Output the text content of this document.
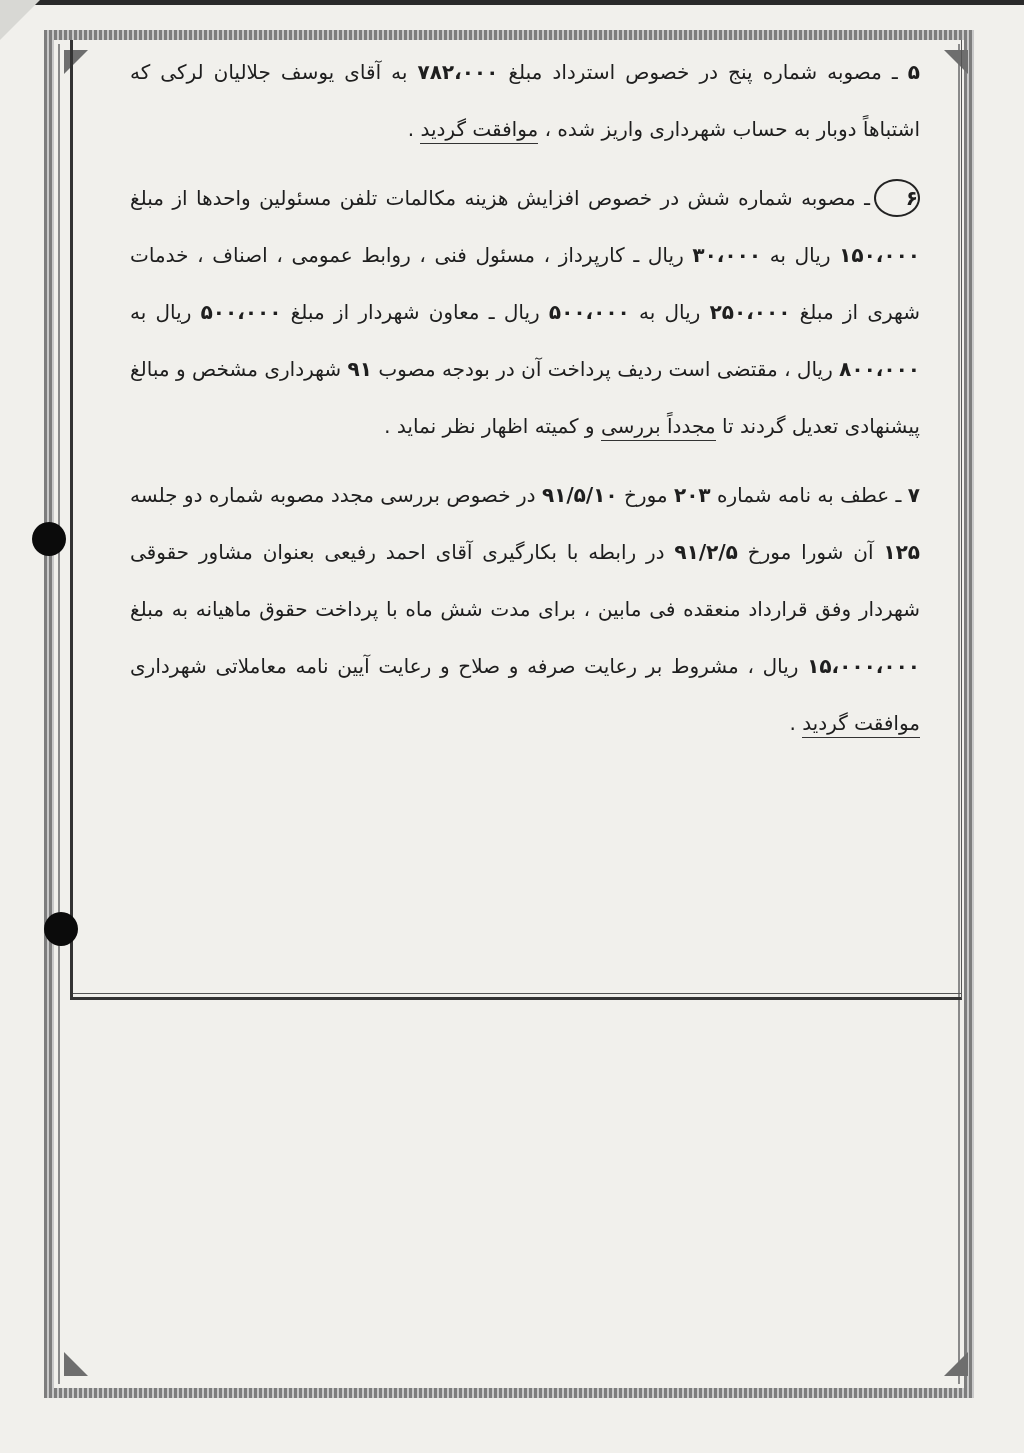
۵ ـ مصوبه شماره پنج در خصوص استرداد مبلغ ۷۸۲،۰۰۰ به آقای یوسف جلالیان لرکی که اشتباهاً دوبار به حساب شهرداری واریز شده ، موافقت گردید .

۶ـ مصوبه شماره شش در خصوص افزایش هزینه مکالمات تلفن مسئولین واحدها از مبلغ ۱۵۰،۰۰۰ ریال به ۳۰،۰۰۰ ریال ـ کارپرداز ، مسئول فنی ، روابط عمومی ، اصناف ، خدمات شهری از مبلغ ۲۵۰،۰۰۰ ریال به ۵۰۰،۰۰۰ ریال ـ معاون شهردار از مبلغ ۵۰۰،۰۰۰ ریال به ۸۰۰،۰۰۰ ریال ، مقتضی است ردیف پرداخت آن در بودجه مصوب ۹۱ شهرداری مشخص و مبالغ پیشنهادی تعدیل گردند تا مجدداً بررسی و کمیته اظهار نظر نماید .

۷ ـ عطف به نامه شماره ۲۰۳ مورخ ۹۱/۵/۱۰ در خصوص بررسی مجدد مصوبه شماره دو جلسه ۱۲۵ آن شورا مورخ ۹۱/۲/۵ در رابطه با بکارگیری آقای احمد رفیعی بعنوان مشاور حقوقی شهردار وفق قرارداد منعقده فی مابین ، برای مدت شش ماه با پرداخت حقوق ماهیانه به مبلغ ۱۵،۰۰۰،۰۰۰ ریال ، مشروط بر رعایت صرفه و صلاح و رعایت آیین نامه معاملاتی شهرداری موافقت گردید .
